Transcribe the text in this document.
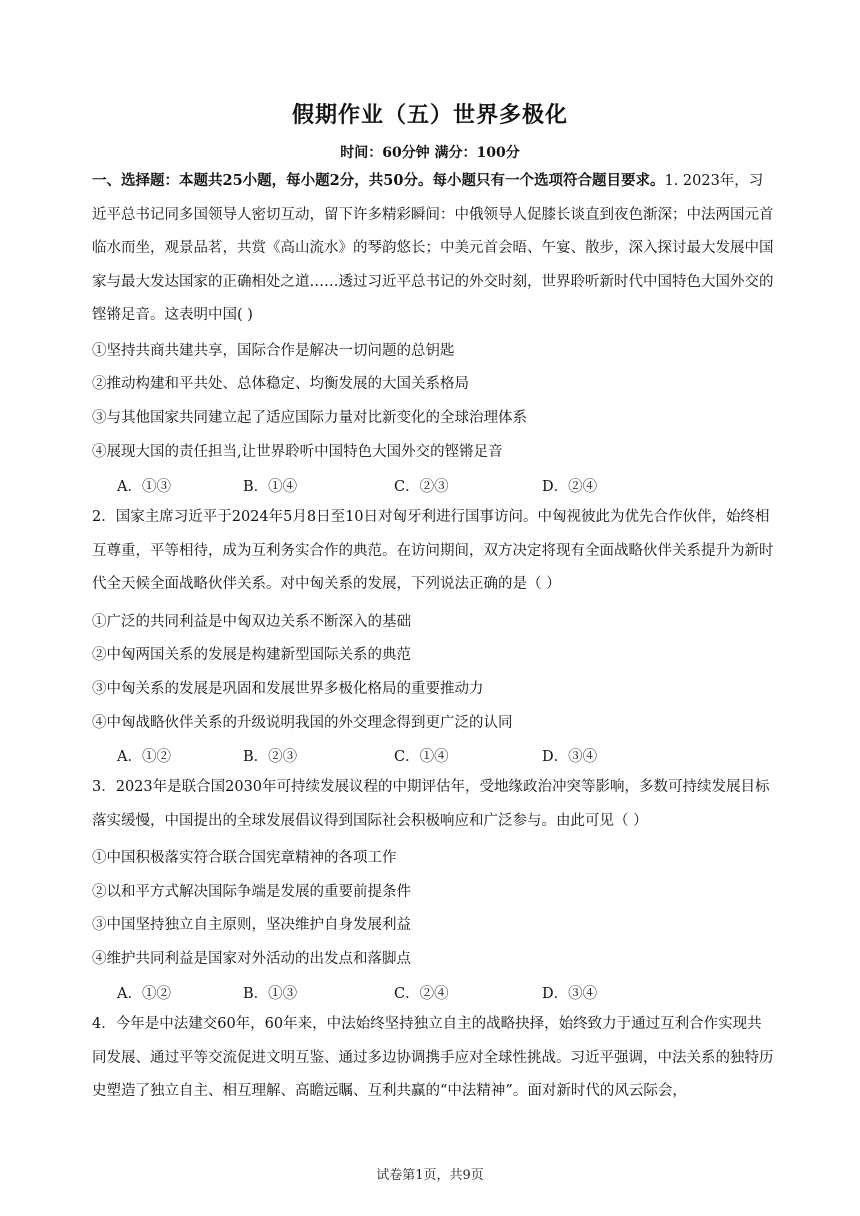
假期作业（五）世界多极化
时间：60分钟 满分：100分

一、选择题：本题共25小题，每小题2分，共50分。每小题只有一个选项符合题目要求。1. 2023年，习近平总书记同多国领导人密切互动，留下许多精彩瞬间：中俄领导人促膝长谈直到夜色渐深；中法两国元首临水而坐，观景品茗，共赏《高山流水》的琴韵悠长；中美元首会晤、午宴、散步，深入探讨最大发展中国家与最大发达国家的正确相处之道……透过习近平总书记的外交时刻，世界聆听新时代中国特色大国外交的铿锵足音。这表明中国( )

①坚持共商共建共享，国际合作是解决一切问题的总钥匙
②推动构建和平共处、总体稳定、均衡发展的大国关系格局
③与其他国家共同建立起了适应国际力量对比新变化的全球治理体系
④展现大国的责任担当,让世界聆听中国特色大国外交的铿锵足音
A．①③	B．①④	C．②③	D．②④

2．国家主席习近平于2024年5月8日至10日对匈牙利进行国事访问。中匈视彼此为优先合作伙伴，始终相互尊重，平等相待，成为互利务实合作的典范。在访问期间，双方决定将现有全面战略伙伴关系提升为新时代全天候全面战略伙伴关系。对中匈关系的发展，下列说法正确的是（ ）

①广泛的共同利益是中匈双边关系不断深入的基础
②中匈两国关系的发展是构建新型国际关系的典范
③中匈关系的发展是巩固和发展世界多极化格局的重要推动力
④中匈战略伙伴关系的升级说明我国的外交理念得到更广泛的认同
A．①②	B．②③	C．①④	D．③④

3．2023年是联合国2030年可持续发展议程的中期评估年，受地缘政治冲突等影响，多数可持续发展目标落实缓慢，中国提出的全球发展倡议得到国际社会积极响应和广泛参与。由此可见（ ）

①中国积极落实符合联合国宪章精神的各项工作
②以和平方式解决国际争端是发展的重要前提条件
③中国坚持独立自主原则，坚决维护自身发展利益
④维护共同利益是国家对外活动的出发点和落脚点
A．①②	B．①③	C．②④	D．③④

4．今年是中法建交60年，60年来，中法始终坚持独立自主的战略抉择，始终致力于通过互利合作实现共同发展、通过平等交流促进文明互鉴、通过多边协调携手应对全球性挑战。习近平强调，中法关系的独特历史塑造了独立自主、相互理解、高瞻远瞩、互利共赢的“中法精神”。面对新时代的风云际会，

试卷第1页，共9页
